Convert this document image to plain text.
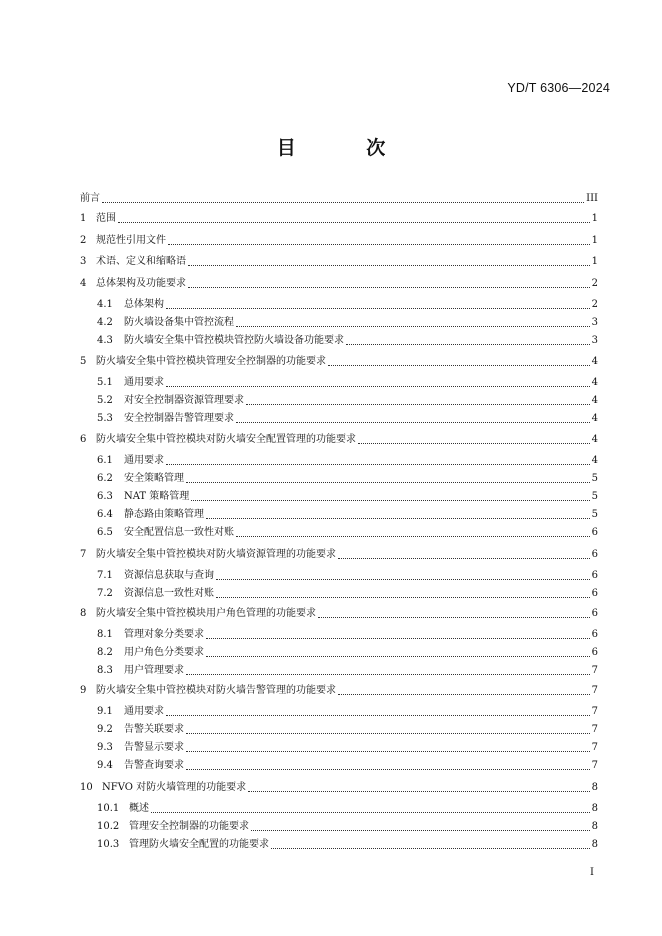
YD/T 6306—2024
目 次
前言	III
1 范围	1
2 规范性引用文件	1
3 术语、定义和缩略语	1
4 总体架构及功能要求	2
4.1	总体架构	2
4.2	防火墙设备集中管控流程	3
4.3	防火墙安全集中管控模块管控防火墙设备功能要求	3
5 防火墙安全集中管控模块管理安全控制器的功能要求	4
5.1	通用要求	4
5.2	对安全控制器资源管理要求	4
5.3	安全控制器告警管理要求	4
6 防火墙安全集中管控模块对防火墙安全配置管理的功能要求	4
6.1	通用要求	4
6.2	安全策略管理	5
6.3	NAT 策略管理	5
6.4	静态路由策略管理	5
6.5	安全配置信息一致性对账	6
7 防火墙安全集中管控模块对防火墙资源管理的功能要求	6
7.1	资源信息获取与查询	6
7.2	资源信息一致性对账	6
8 防火墙安全集中管控模块用户角色管理的功能要求	6
8.1	管理对象分类要求	6
8.2	用户角色分类要求	6
8.3	用户管理要求	7
9 防火墙安全集中管控模块对防火墙告警管理的功能要求	7
9.1	通用要求	7
9.2	告警关联要求	7
9.3	告警显示要求	7
9.4	告警查询要求	7
10 NFVO 对防火墙管理的功能要求	8
10.1 概述	8
10.2 管理安全控制器的功能要求	8
10.3 管理防火墙安全配置的功能要求	8
I
